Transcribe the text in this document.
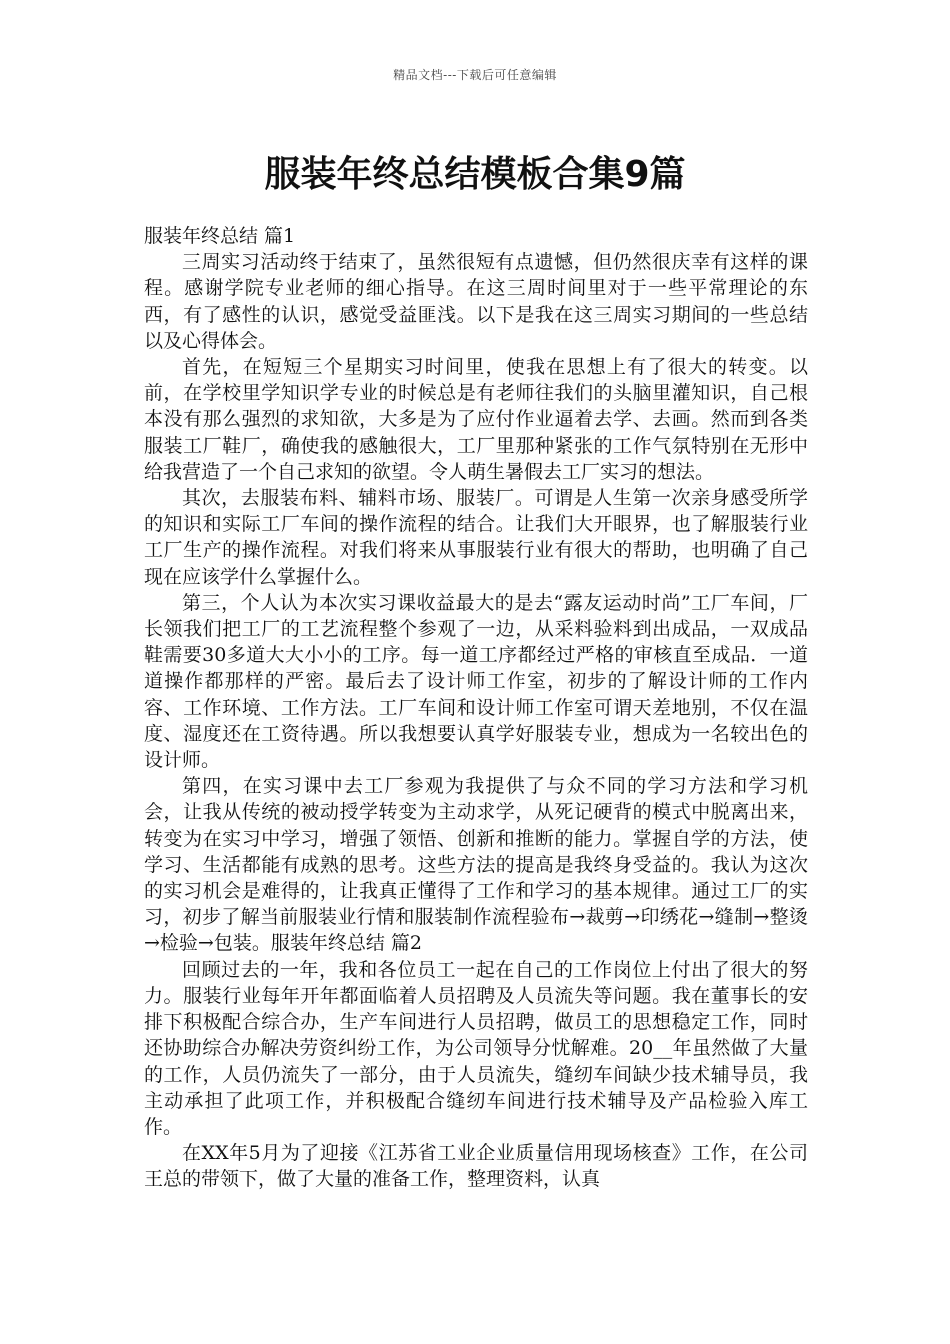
精品文档---下载后可任意编辑
服装年终总结模板合集9篇

服装年终总结 篇1

三周实习活动终于结束了，虽然很短有点遗憾，但仍然很庆幸有这样的课程。感谢学院专业老师的细心指导。在这三周时间里对于一些平常理论的东西，有了感性的认识，感觉受益匪浅。以下是我在这三周实习期间的一些总结以及心得体会。

首先，在短短三个星期实习时间里，使我在思想上有了很大的转变。以前，在学校里学知识学专业的时候总是有老师往我们的头脑里灌知识，自己根本没有那么强烈的求知欲，大多是为了应付作业逼着去学、去画。然而到各类服装工厂鞋厂，确使我的感触很大，工厂里那种紧张的工作气氛特别在无形中给我营造了一个自己求知的欲望。令人萌生暑假去工厂实习的想法。

其次，去服装布料、辅料市场、服装厂。可谓是人生第一次亲身感受所学的知识和实际工厂车间的操作流程的结合。让我们大开眼界，也了解服装行业工厂生产的操作流程。对我们将来从事服装行业有很大的帮助，也明确了自己现在应该学什么掌握什么。

第三，个人认为本次实习课收益最大的是去“露友运动时尚”工厂车间，厂长领我们把工厂的工艺流程整个参观了一边，从采料验料到出成品，一双成品鞋需要30多道大大小小的工序。每一道工序都经过严格的审核直至成品．一道道操作都那样的严密。最后去了设计师工作室，初步的了解设计师的工作内容、工作环境、工作方法。工厂车间和设计师工作室可谓天差地别，不仅在温度、湿度还在工资待遇。所以我想要认真学好服装专业，想成为一名较出色的设计师。

第四，在实习课中去工厂参观为我提供了与众不同的学习方法和学习机会，让我从传统的被动授学转变为主动求学，从死记硬背的模式中脱离出来，转变为在实习中学习，增强了领悟、创新和推断的能力。掌握自学的方法，使学习、生活都能有成熟的思考。这些方法的提高是我终身受益的。我认为这次的实习机会是难得的，让我真正懂得了工作和学习的基本规律。通过工厂的实习，初步了解当前服装业行情和服装制作流程验布→裁剪→印绣花→缝制→整烫→检验→包装。服装年终总结 篇2

回顾过去的一年，我和各位员工一起在自己的工作岗位上付出了很大的努力。服装行业每年开年都面临着人员招聘及人员流失等问题。我在董事长的安排下积极配合综合办，生产车间进行人员招聘，做员工的思想稳定工作，同时还协助综合办解决劳资纠纷工作，为公司领导分忧解难。20__年虽然做了大量的工作，人员仍流失了一部分，由于人员流失，缝纫车间缺少技术辅导员，我主动承担了此项工作，并积极配合缝纫车间进行技术辅导及产品检验入库工作。

在XX年5月为了迎接《江苏省工业企业质量信用现场核查》工作，在公司王总的带领下，做了大量的准备工作，整理资料，认真
